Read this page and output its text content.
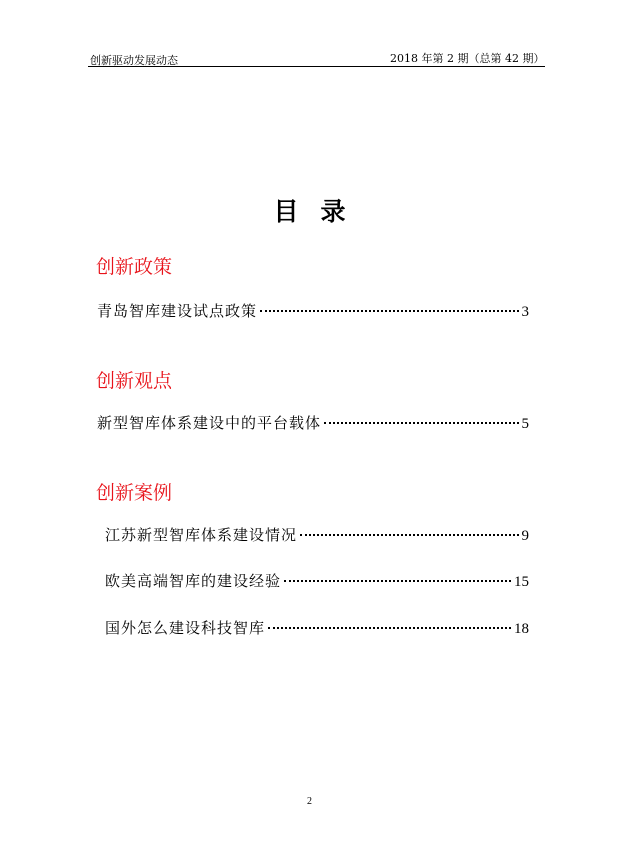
创新驱动发展动态	2018 年第 2 期（总第 42 期）
目录
创新政策
青岛智库建设试点政策	3
创新观点
新型智库体系建设中的平台载体	5
创新案例
江苏新型智库体系建设情况	9
欧美高端智库的建设经验	15
国外怎么建设科技智库	18
2
